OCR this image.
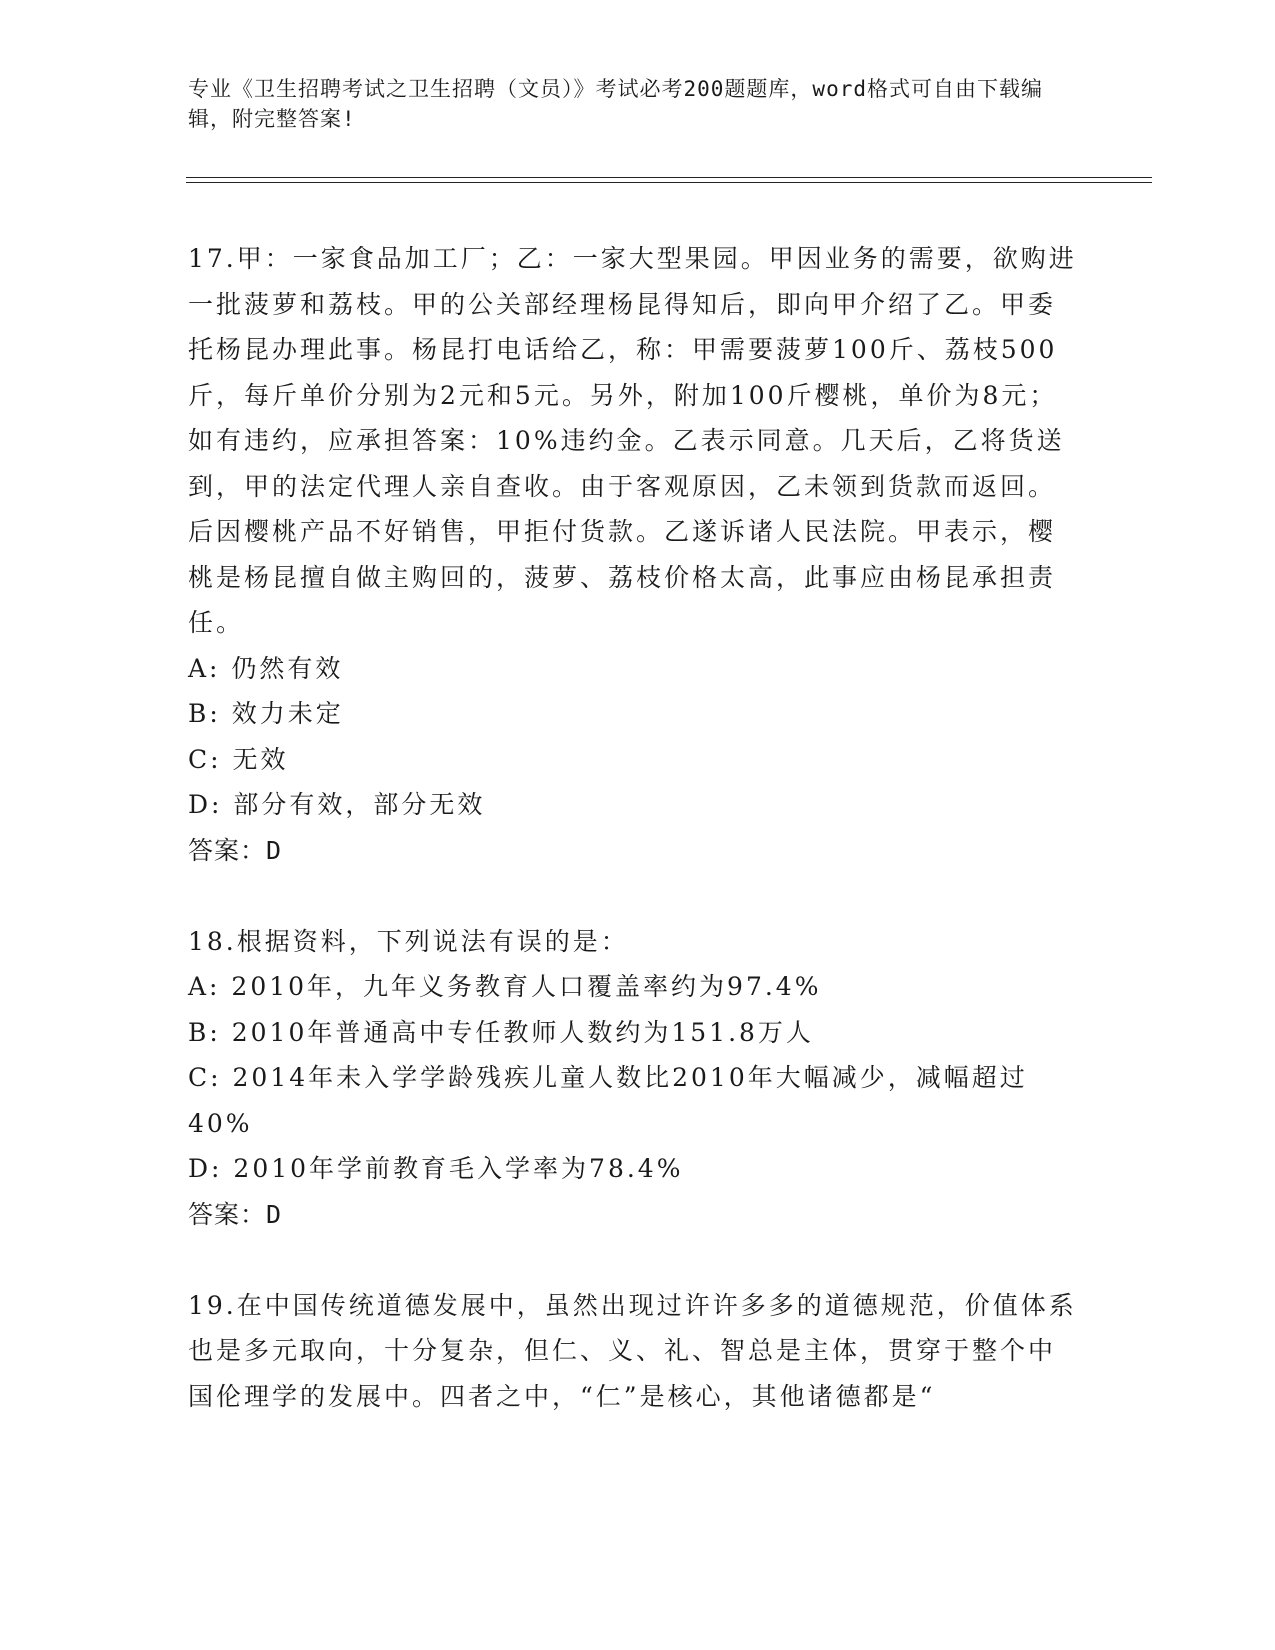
专业《卫生招聘考试之卫生招聘（文员）》考试必考200题题库，word格式可自由下载编辑，附完整答案!

17.甲：一家食品加工厂；乙：一家大型果园。甲因业务的需要，欲购进一批菠萝和荔枝。甲的公关部经理杨昆得知后，即向甲介绍了乙。甲委托杨昆办理此事。杨昆打电话给乙，称：甲需要菠萝100斤、荔枝500斤，每斤单价分别为2元和5元。另外，附加100斤樱桃，单价为8元；如有违约，应承担答案：10%违约金。乙表示同意。几天后，乙将货送到，甲的法定代理人亲自查收。由于客观原因，乙未领到货款而返回。后因樱桃产品不好销售，甲拒付货款。乙遂诉诸人民法院。甲表示，樱桃是杨昆擅自做主购回的，菠萝、荔枝价格太高，此事应由杨昆承担责任。

A: 仍然有效

B: 效力未定

C: 无效

D: 部分有效，部分无效

答案：D

18.根据资料，下列说法有误的是：

A: 2010年，九年义务教育人口覆盖率约为97.4%

B: 2010年普通高中专任教师人数约为151.8万人

C: 2014年未入学学龄残疾儿童人数比2010年大幅减少，减幅超过40%

D: 2010年学前教育毛入学率为78.4%

答案：D

19.在中国传统道德发展中，虽然出现过许许多多的道德规范，价值体系也是多元取向，十分复杂，但仁、义、礼、智总是主体，贯穿于整个中国伦理学的发展中。四者之中，“仁”是核心，其他诸德都是“
